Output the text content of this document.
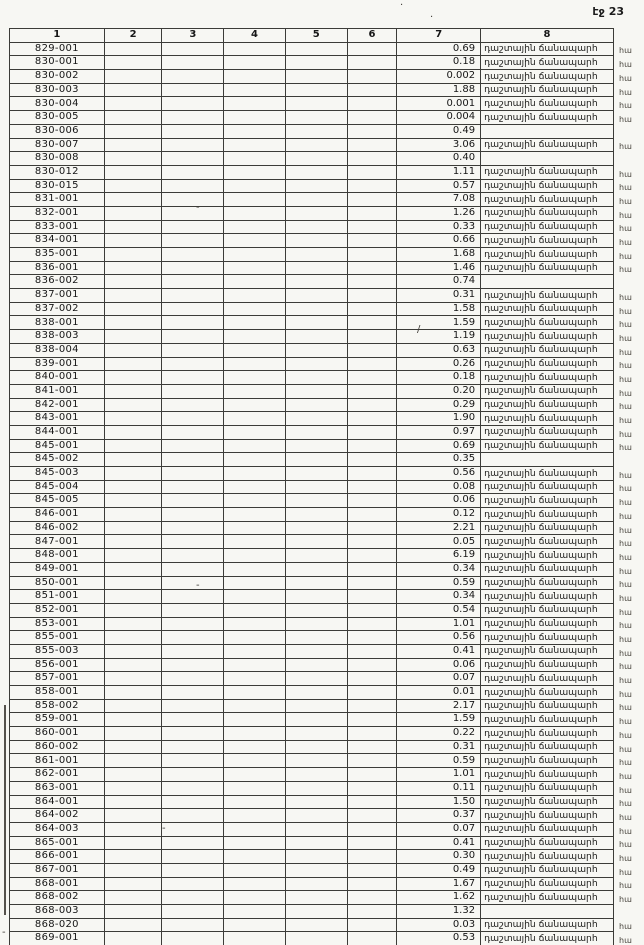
էջ 23
1	2	3	4	5	6	7	8	
829-001						0.69	դաշտային ճանապարհ	հա
830-001						0.18	դաշտային ճանապարհ	հա
830-002						0.002	դաշտային ճանապարհ	հա
830-003						1.88	դաշտային ճանապարհ	հա
830-004						0.001	դաշտային ճանապարհ	հա
830-005						0.004	դաշտային ճանապարհ	հա
830-006						0.49		
830-007						3.06	դաշտային ճանապարհ	հա
830-008						0.40		
830-012						1.11	դաշտային ճանապարհ	հա
830-015						0.57	դաշտային ճանապարհ	հա
831-001						7.08	դաշտային ճանապարհ	հա
832-001						1.26	դաշտային ճանապարհ	հա
833-001						0.33	դաշտային ճանապարհ	հա
834-001						0.66	դաշտային ճանապարհ	հա
835-001						1.68	դաշտային ճանապարհ	հա
836-001						1.46	դաշտային ճանապարհ	հա
836-002						0.74		
837-001						0.31	դաշտային ճանապարհ	հա
837-002						1.58	դաշտային ճանապարհ	հա
838-001						1.59	դաշտային ճանապարհ	հա
838-003						1.19	դաշտային ճանապարհ	հա
838-004						0.63	դաշտային ճանապարհ	հա
839-001						0.26	դաշտային ճանապարհ	հա
840-001						0.18	դաշտային ճանապարհ	հա
841-001						0.20	դաշտային ճանապարհ	հա
842-001						0.29	դաշտային ճանապարհ	հա
843-001						1.90	դաշտային ճանապարհ	հա
844-001						0.97	դաշտային ճանապարհ	հա
845-001						0.69	դաշտային ճանապարհ	հա
845-002						0.35		
845-003						0.56	դաշտային ճանապարհ	հա
845-004						0.08	դաշտային ճանապարհ	հա
845-005						0.06	դաշտային ճանապարհ	հա
846-001						0.12	դաշտային ճանապարհ	հա
846-002						2.21	դաշտային ճանապարհ	հա
847-001						0.05	դաշտային ճանապարհ	հա
848-001						6.19	դաշտային ճանապարհ	հա
849-001						0.34	դաշտային ճանապարհ	հա
850-001						0.59	դաշտային ճանապարհ	հա
851-001						0.34	դաշտային ճանապարհ	հա
852-001						0.54	դաշտային ճանապարհ	հա
853-001						1.01	դաշտային ճանապարհ	հա
855-001						0.56	դաշտային ճանապարհ	հա
855-003						0.41	դաշտային ճանապարհ	հա
856-001						0.06	դաշտային ճանապարհ	հա
857-001						0.07	դաշտային ճանապարհ	հա
858-001						0.01	դաշտային ճանապարհ	հա
858-002						2.17	դաշտային ճանապարհ	հա
859-001						1.59	դաշտային ճանապարհ	հա
860-001						0.22	դաշտային ճանապարհ	հա
860-002						0.31	դաշտային ճանապարհ	հա
861-001						0.59	դաշտային ճանապարհ	հա
862-001						1.01	դաշտային ճանապարհ	հա
863-001						0.11	դաշտային ճանապարհ	հա
864-001						1.50	դաշտային ճանապարհ	հա
864-002						0.37	դաշտային ճանապարհ	հա
864-003						0.07	դաշտային ճանապարհ	հա
865-001						0.41	դաշտային ճանապարհ	հա
866-001						0.30	դաշտային ճանապարհ	հա
867-001						0.49	դաշտային ճանապարհ	հա
868-001						1.67	դաշտային ճանապարհ	հա
868-002						1.62	դաշտային ճանապարհ	հա
868-003						1.32		
868-020						0.03	դաշտային ճանապարհ	հա
869-001						0.53	դաշտային ճանապարհ	հա
·
·
-
/
-
-
-
